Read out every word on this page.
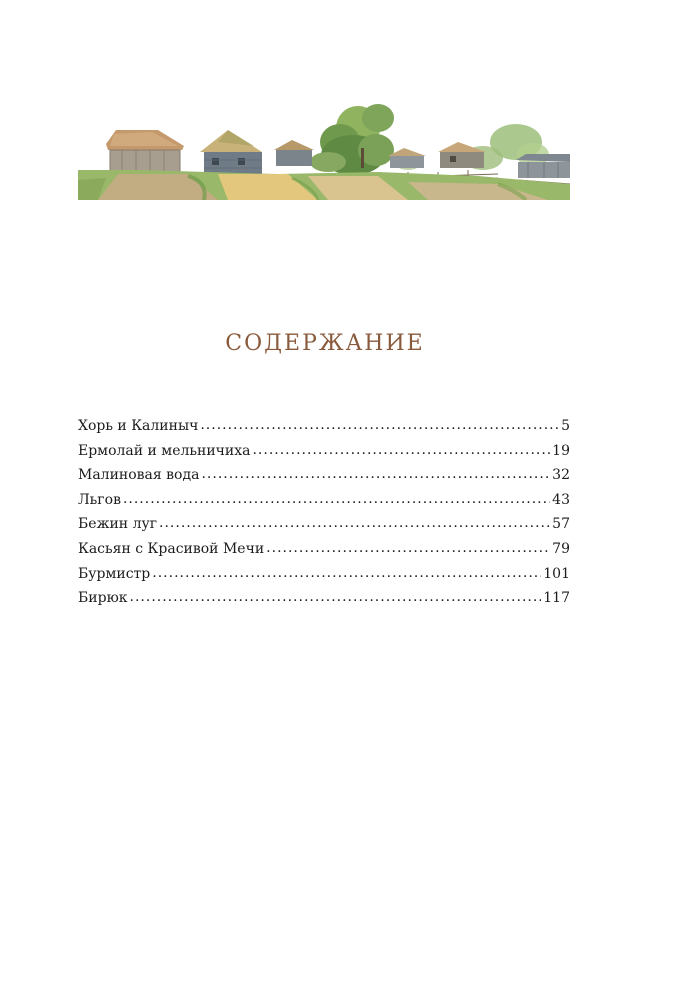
СОДЕРЖАНИЕ
Хорь и Калиныч .....	5
Ермолай и мельничиха .....	19
Малиновая вода .....	32
Льгов .....	43
Бежин луг .....	57
Касьян с Красивой Мечи .....	79
Бурмистр .....	101
Бирюк .....	117
